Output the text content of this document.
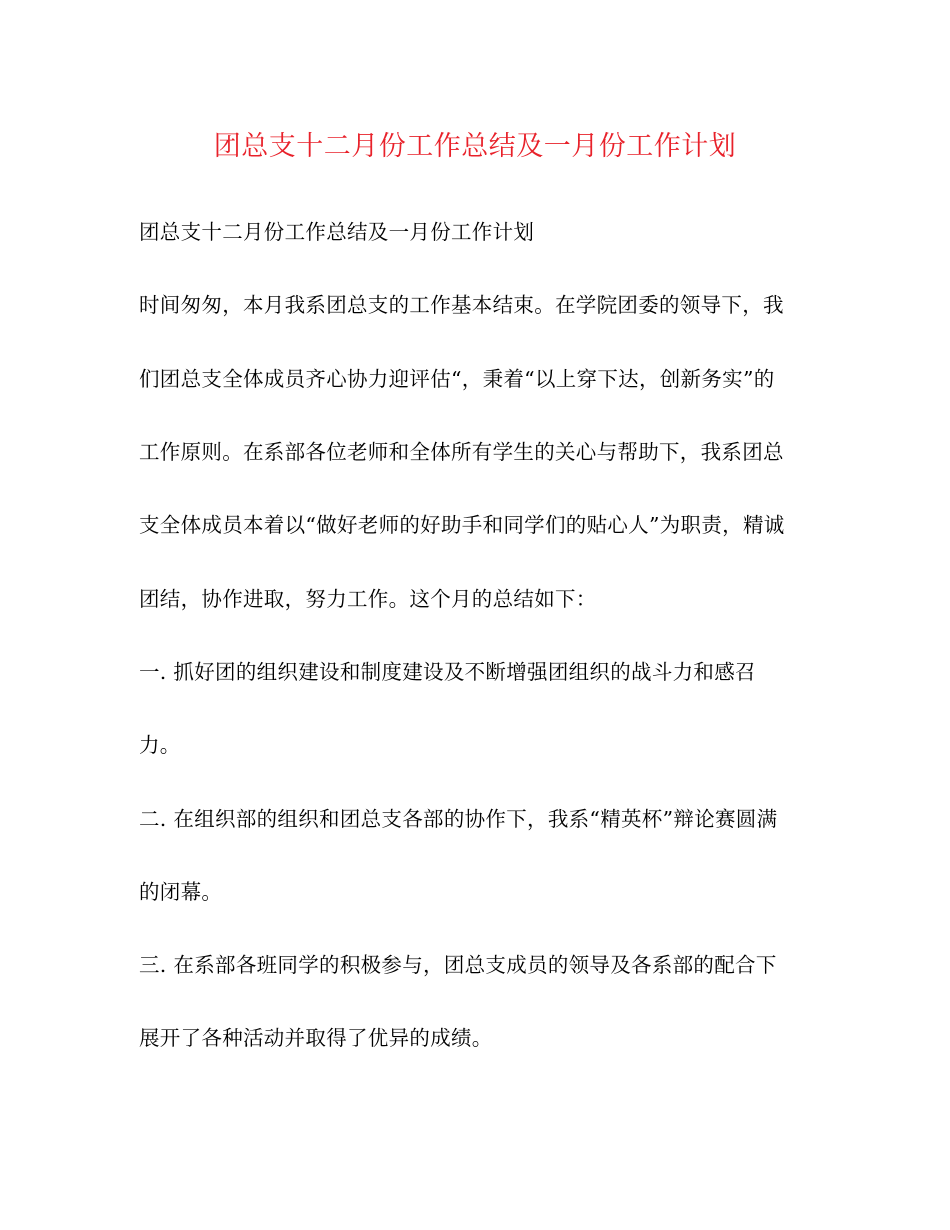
团总支十二月份工作总结及一月份工作计划
团总支十二月份工作总结及一月份工作计划
时间匆匆，本月我系团总支的工作基本结束。在学院团委的领导下，我
们团总支全体成员齐心协力迎评估“，秉着“以上穿下达，创新务实”的
工作原则。在系部各位老师和全体所有学生的关心与帮助下，我系团总
支全体成员本着以“做好老师的好助手和同学们的贴心人”为职责，精诚
团结，协作进取，努力工作。这个月的总结如下：
一. 抓好团的组织建设和制度建设及不断增强团组织的战斗力和感召
力。
二. 在组织部的组织和团总支各部的协作下，我系“精英杯”辩论赛圆满
的闭幕。
三. 在系部各班同学的积极参与，团总支成员的领导及各系部的配合下
展开了各种活动并取得了优异的成绩。
